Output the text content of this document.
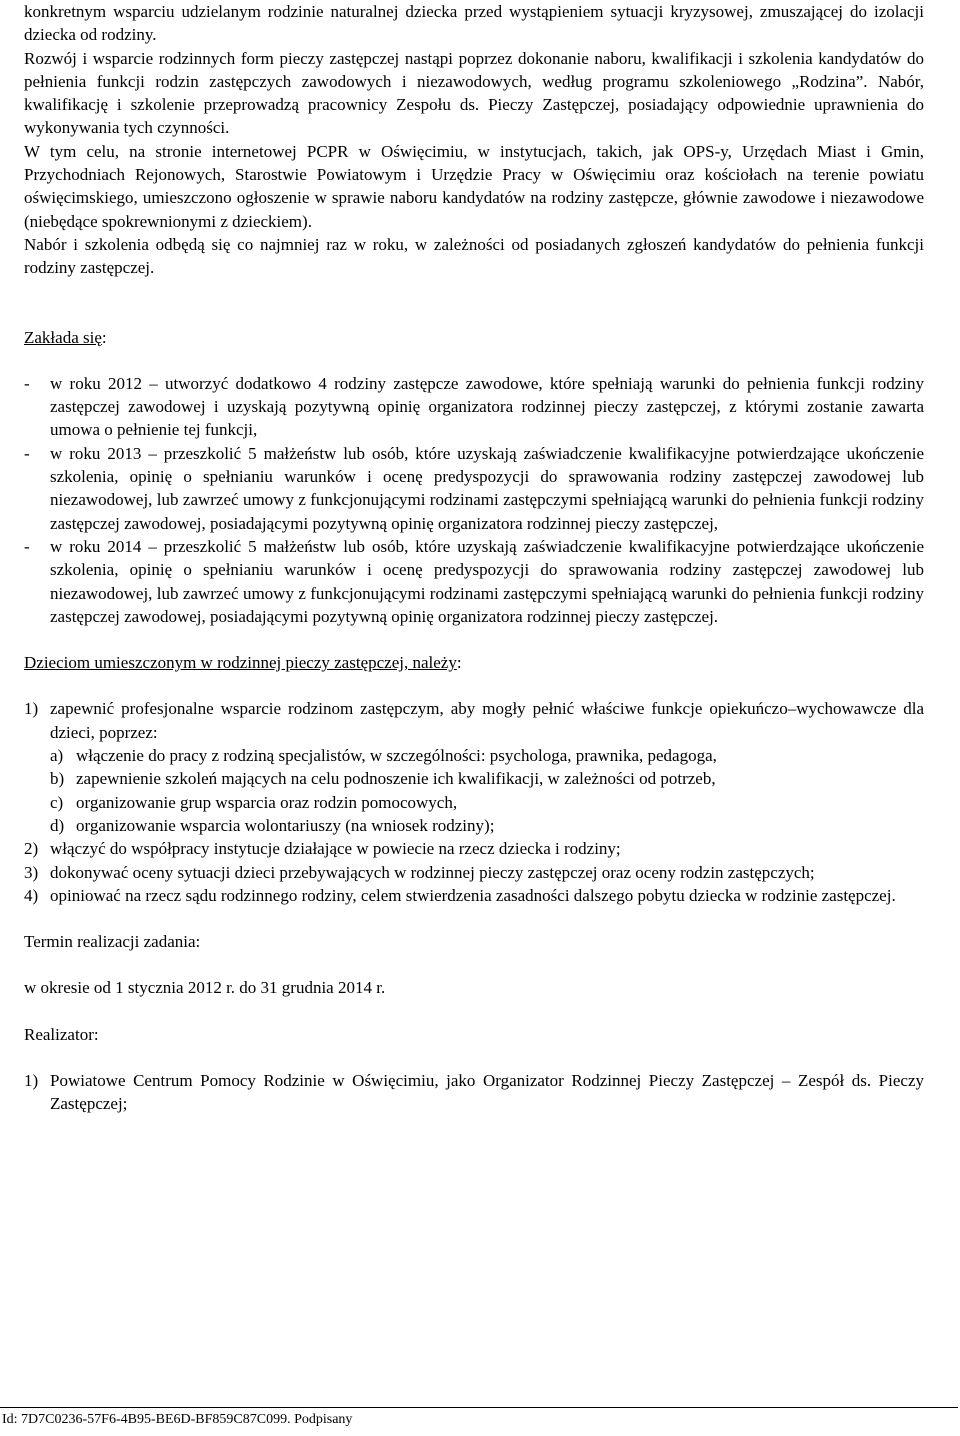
konkretnym wsparciu udzielanym rodzinie naturalnej dziecka przed wystąpieniem sytuacji kryzysowej, zmuszającej do izolacji dziecka od rodziny.

Rozwój i wsparcie rodzinnych form pieczy zastępczej nastąpi poprzez dokonanie naboru, kwalifikacji i szkolenia kandydatów do pełnienia funkcji rodzin zastępczych zawodowych i niezawodowych, według programu szkoleniowego „Rodzina”. Nabór, kwalifikację i szkolenie przeprowadzą pracownicy Zespołu ds. Pieczy Zastępczej, posiadający odpowiednie uprawnienia do wykonywania tych czynności.

W tym celu, na stronie internetowej PCPR w Oświęcimiu, w instytucjach, takich, jak OPS-y, Urzędach Miast i Gmin, Przychodniach Rejonowych, Starostwie Powiatowym i Urzędzie Pracy w Oświęcimiu oraz kościołach na terenie powiatu oświęcimskiego, umieszczono ogłoszenie w sprawie naboru kandydatów na rodziny zastępcze, głównie zawodowe i niezawodowe (niebędące spokrewnionymi z dzieckiem).

Nabór i szkolenia odbędą się co najmniej raz w roku, w zależności od posiadanych zgłoszeń kandydatów do pełnienia funkcji rodziny zastępczej.

Zakłada się:

-	w roku 2012 – utworzyć dodatkowo 4 rodziny zastępcze zawodowe, które spełniają warunki do pełnienia funkcji rodziny zastępczej zawodowej i uzyskają pozytywną opinię organizatora rodzinnej pieczy zastępczej, z którymi zostanie zawarta umowa o pełnienie tej funkcji,
-	w roku 2013 – przeszkolić 5 małżeństw lub osób, które uzyskają zaświadczenie kwalifikacyjne potwierdzające ukończenie szkolenia, opinię o spełnianiu warunków i ocenę predyspozycji do sprawowania rodziny zastępczej zawodowej lub niezawodowej, lub zawrzeć umowy z funkcjonującymi rodzinami zastępczymi spełniającą warunki do pełnienia funkcji rodziny zastępczej zawodowej, posiadającymi pozytywną opinię organizatora rodzinnej pieczy zastępczej,
-	w roku 2014 – przeszkolić 5 małżeństw lub osób, które uzyskają zaświadczenie kwalifikacyjne potwierdzające ukończenie szkolenia, opinię o spełnianiu warunków i ocenę predyspozycji do sprawowania rodziny zastępczej zawodowej lub niezawodowej, lub zawrzeć umowy z funkcjonującymi rodzinami zastępczymi spełniającą warunki do pełnienia funkcji rodziny zastępczej zawodowej, posiadającymi pozytywną opinię organizatora rodzinnej pieczy zastępczej.

Dzieciom umieszczonym w rodzinnej pieczy zastępczej, należy:

1) zapewnić profesjonalne wsparcie rodzinom zastępczym, aby mogły pełnić właściwe funkcje opiekuńczo–wychowawcze dla dzieci, poprzez:
a) włączenie do pracy z rodziną specjalistów, w szczególności: psychologa, prawnika, pedagoga,
b) zapewnienie szkoleń mających na celu podnoszenie ich kwalifikacji, w zależności od potrzeb,
c) organizowanie grup wsparcia oraz rodzin pomocowych,
d) organizowanie wsparcia wolontariuszy (na wniosek rodziny);
2) włączyć do współpracy instytucje działające w powiecie na rzecz dziecka i rodziny;
3) dokonywać oceny sytuacji dzieci przebywających w rodzinnej pieczy zastępczej oraz oceny rodzin zastępczych;
4) opiniować na rzecz sądu rodzinnego rodziny, celem stwierdzenia zasadności dalszego pobytu dziecka w rodzinie zastępczej.

Termin realizacji zadania:

w okresie od 1 stycznia 2012 r. do 31 grudnia 2014 r.

Realizator:

1) Powiatowe Centrum Pomocy Rodzinie w Oświęcimiu, jako Organizator Rodzinnej Pieczy Zastępczej – Zespół ds. Pieczy Zastępczej;
Id: 7D7C0236-57F6-4B95-BE6D-BF859C87C099. Podpisany
